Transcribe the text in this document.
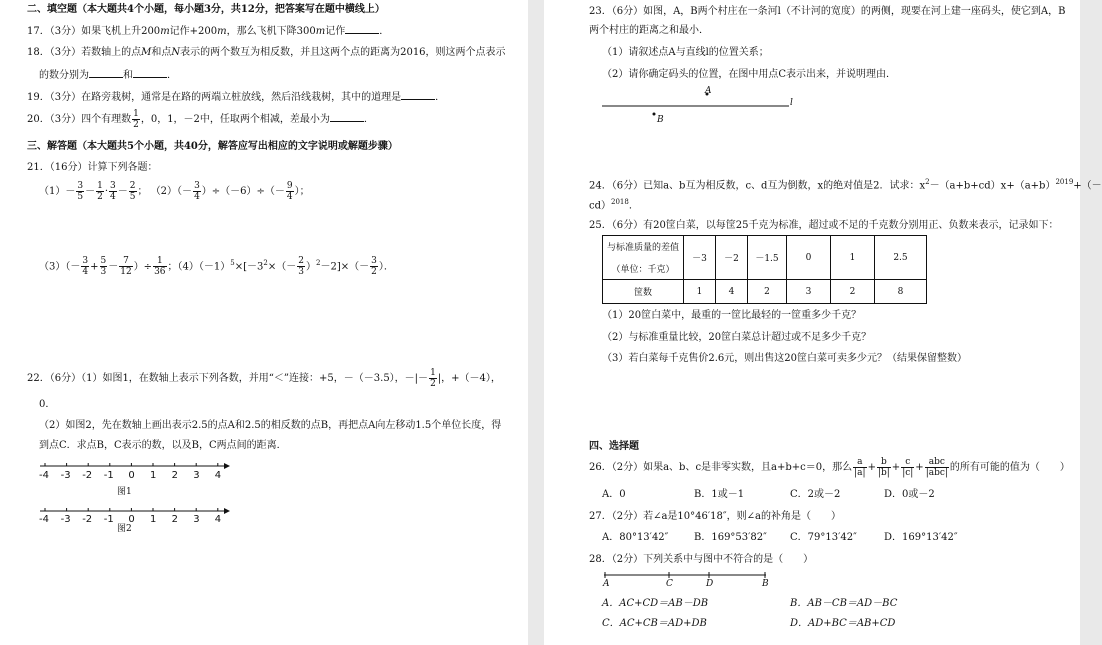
二、填空题（本大题共4个小题，每小题3分，共12分，把答案写在题中横线上）
17．（3分）如果飞机上升200m记作+200m，那么飞机下降300m记作	．
18．（3分）若数轴上的点M和点N表示的两个数互为相反数，并且这两个点的距离为2016，则这两个点表示
的数分别为	和	．
19．（3分）在路旁栽树，通常是在路的两端立桩放线，然后沿线栽树，其中的道理是	．
20．（3分）四个有理数 $\frac{1}{2}$ ，0，1，－2中，任取两个相减，差最小为	．
三、解答题（本大题共5个小题，共40分，解答应写出相应的文字说明或解题步骤）
21．（16分）计算下列各题：
$(1)- \frac{3}{5} - \frac{1}{2} \cdot \frac{3}{4} - \frac{2}{5}$ ； $(2)(- \frac{3}{4} )\div(-6)\div(- \frac{9}{4}$ ）；
$(3)(- \frac{3}{4} + \frac{5}{3} - \frac{7}{12}$ ）÷ $\frac{1}{36}$ ；$(4)(-1)^5\times[-3^2\times(- \frac{2}{3} )^2-2]\times(- \frac{3}{2}$ ）．
22．（6分）（1）如图1，在数轴上表示下列各数，并用“＜”连接：+5，－（－3.5），－|－ $\frac{1}{2}$ |，+（－4），
0．
（2）如图2，先在数轴上画出表示2.5的点A和2.5的相反数的点B，再把点A向左移动1.5个单位长度，得
到点C．求点B，C表示的数，以及B，C两点间的距离．
图1
-4 -3 -2 -1 0 1 2 3 4
-4 -3 -2 -1 0 1 2 3 4
图2
23．（6分）如图，A，B两个村庄在一条河l（不计河的宽度）的两侧，现要在河上建一座码头，使它到A，B
两个村庄的距离之和最小．
（1）请叙述点A与直线l的位置关系；
（2）请你确定码头的位置，在图中用点C表示出来，并说明理由．
A
B
l
24．（6分）已知a、b互为相反数，c、d互为倒数，x的绝对值是2．试求：$x^2-(a+b+cd)x+(a+b)^{2019}+(-$
cd）$^{2018}$．
25．（6分）有20筐白菜，以每筐25千克为标准，超过或不足的千克数分别用正、负数来表示，记录如下：
与标准质量的差值	－3	－2	－1.5	0	1	2.5
（单位：千克）						
筐数	1	4	2	3	2	8
（1）20筐白菜中，最重的一筐比最轻的一筐重多少千克？
（2）与标准重量比较，20筐白菜总计超过或不足多少千克？
（3）若白菜每千克售价2.6元，则出售这20筐白菜可卖多少元？（结果保留整数）
四、选择题
26．（2分）如果a、b、c是非零实数，且a+b+c＝0，那么 $\frac{a}{|a|} + \frac{b}{|b|} + \frac{c}{|c|} + \frac{\text{abc}}{\text{|abc|}}$ 的所有可能的值为（　　）
A．0	B．1或－1	C．2或－2	D．0或－2
27．（2分）若∠a是10°46′18″，则∠a的补角是（　　）
A．80°13′42″	B．169°53′82″ C．79°13′42″	D．169°13′42″
28．（2分）下列关系中与图中不符合的是（　　）
A	C	D	B
A．AC+CD＝AB－DB	B．AB－CB＝AD－BC
C．AC+CB＝AD+DB	D．AD+BC＝AB+CD
